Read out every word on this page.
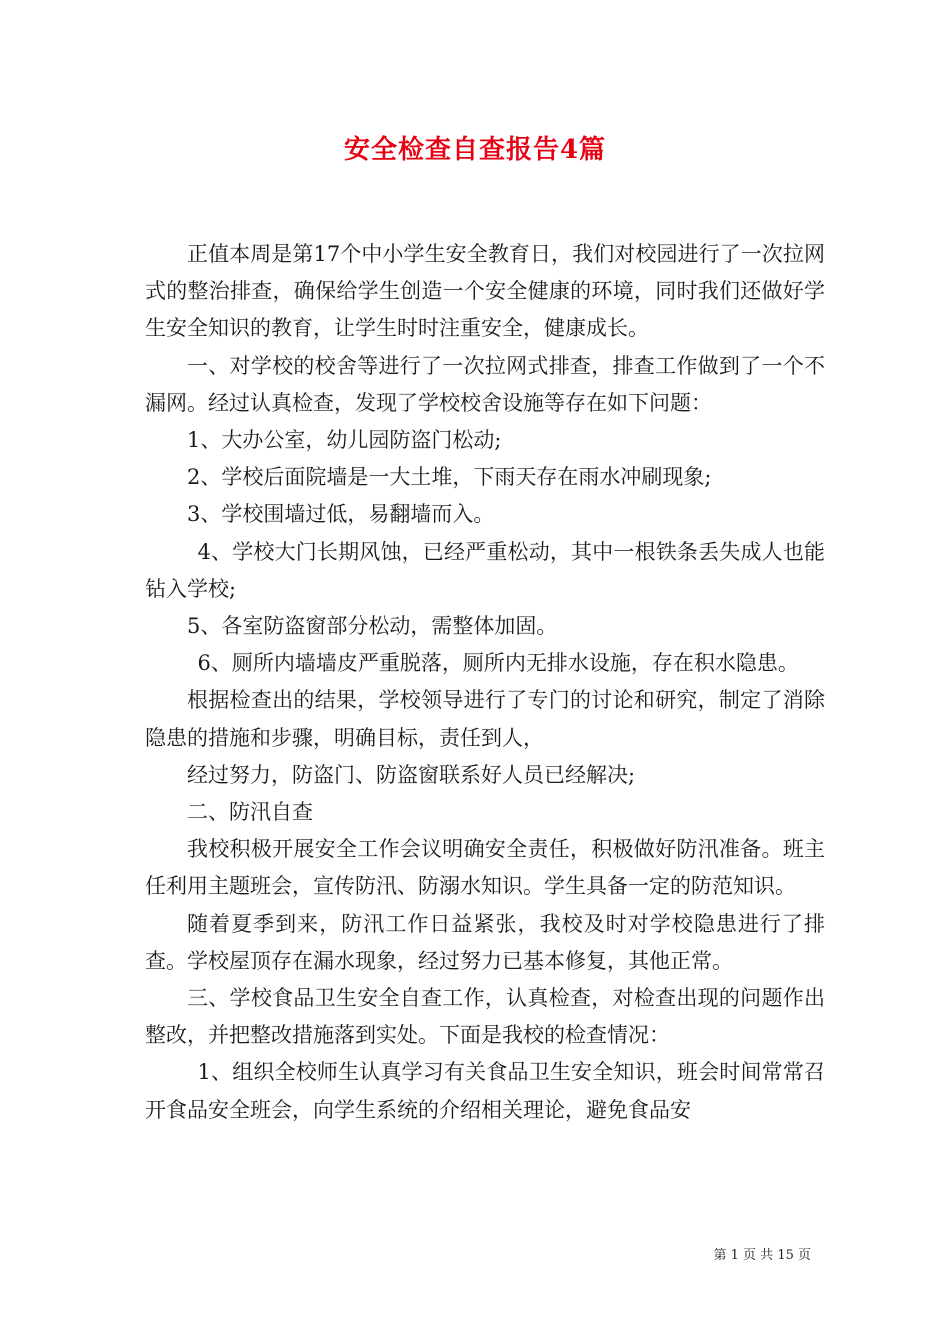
安全检查自查报告4篇

正值本周是第17个中小学生安全教育日，我们对校园进行了一次拉网式的整治排查，确保给学生创造一个安全健康的环境，同时我们还做好学生安全知识的教育，让学生时时注重安全，健康成长。

一、对学校的校舍等进行了一次拉网式排查，排查工作做到了一个不漏网。经过认真检查，发现了学校校舍设施等存在如下问题：

1、大办公室，幼儿园防盗门松动;

2、学校后面院墙是一大土堆，下雨天存在雨水冲刷现象;

3、学校围墙过低，易翻墙而入。

4、学校大门长期风蚀，已经严重松动，其中一根铁条丢失成人也能钻入学校;

5、各室防盗窗部分松动，需整体加固。

6、厕所内墙墙皮严重脱落，厕所内无排水设施，存在积水隐患。

根据检查出的结果，学校领导进行了专门的讨论和研究，制定了消除隐患的措施和步骤，明确目标，责任到人，

经过努力，防盗门、防盗窗联系好人员已经解决;

二、防汛自查

我校积极开展安全工作会议明确安全责任，积极做好防汛准备。班主任利用主题班会，宣传防汛、防溺水知识。学生具备一定的防范知识。

随着夏季到来，防汛工作日益紧张，我校及时对学校隐患进行了排查。学校屋顶存在漏水现象，经过努力已基本修复，其他正常。

三、学校食品卫生安全自查工作，认真检查，对检查出现的问题作出整改，并把整改措施落到实处。下面是我校的检查情况：

1、组织全校师生认真学习有关食品卫生安全知识，班会时间常常召开食品安全班会，向学生系统的介绍相关理论，避免食品安

第 1 页 共 15 页
